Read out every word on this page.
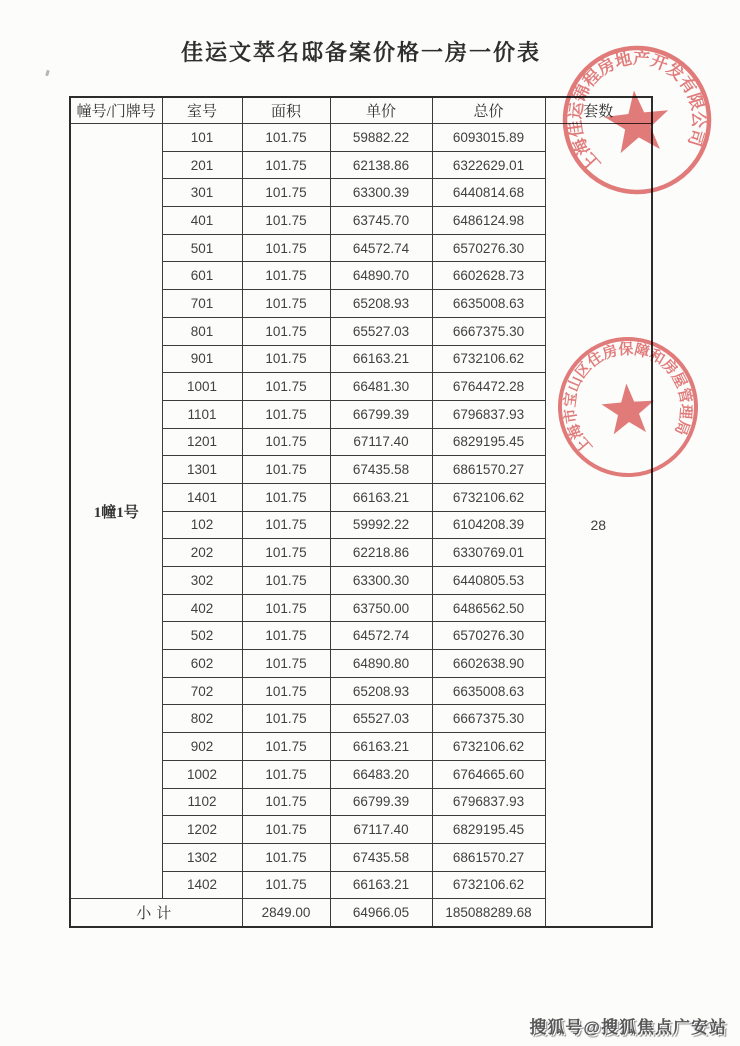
佳运文萃名邸备案价格一房一价表
幢号/门牌号	室号	面积	单价	总价	套数
1幢1号	101	101.75	59882.22	6093015.89	28
	201	101.75	62138.86	6322629.01	
	301	101.75	63300.39	6440814.68	
	401	101.75	63745.70	6486124.98	
	501	101.75	64572.74	6570276.30	
	601	101.75	64890.70	6602628.73	
	701	101.75	65208.93	6635008.63	
	801	101.75	65527.03	6667375.30	
	901	101.75	66163.21	6732106.62	
	1001	101.75	66481.30	6764472.28	
	1101	101.75	66799.39	6796837.93	
	1201	101.75	67117.40	6829195.45	
	1301	101.75	67435.58	6861570.27	
	1401	101.75	66163.21	6732106.62	
	102	101.75	59992.22	6104208.39	
	202	101.75	62218.86	6330769.01	
	302	101.75	63300.30	6440805.53	
	402	101.75	63750.00	6486562.50	
	502	101.75	64572.74	6570276.30	
	602	101.75	64890.80	6602638.90	
	702	101.75	65208.93	6635008.63	
	802	101.75	65527.03	6667375.30	
	902	101.75	66163.21	6732106.62	
	1002	101.75	66483.20	6764665.60	
	1102	101.75	66799.39	6796837.93	
	1202	101.75	67117.40	6829195.45	
	1302	101.75	67435.58	6861570.27	
	1402	101.75	66163.21	6732106.62	
小计		2849.00	64966.05	185088289.68	
上海佳运锦程房地产开发有限公司
上海市宝山区住房保障和房屋管理局
搜狐号@搜狐焦点广安站
